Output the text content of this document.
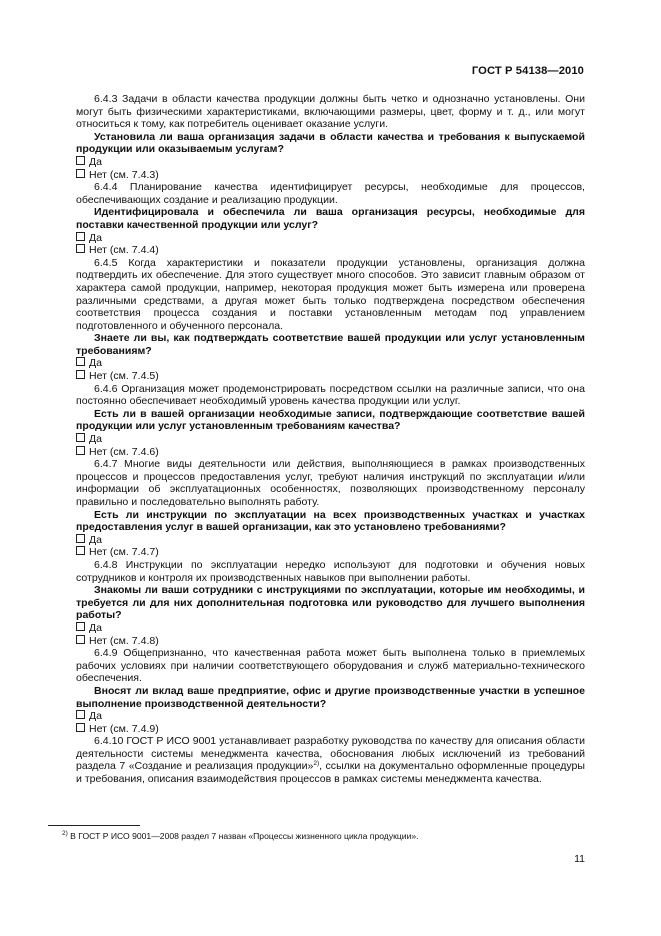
ГОСТ Р 54138—2010
6.4.3 Задачи в области качества продукции должны быть четко и однозначно установлены. Они могут быть физическими характеристиками, включающими размеры, цвет, форму и т. д., или могут относиться к тому, как потребитель оценивает оказание услуги.
Установила ли ваша организация задачи в области качества и требования к выпускаемой продукции или оказываемым услугам?
Да
Нет (см. 7.4.3)
6.4.4 Планирование качества идентифицирует ресурсы, необходимые для процессов, обеспечивающих создание и реализацию продукции.
Идентифицировала и обеспечила ли ваша организация ресурсы, необходимые для поставки качественной продукции или услуг?
Да
Нет (см. 7.4.4)
6.4.5 Когда характеристики и показатели продукции установлены, организация должна подтвердить их обеспечение. Для этого существует много способов. Это зависит главным образом от характера самой продукции, например, некоторая продукция может быть измерена или проверена различными средствами, а другая может быть только подтверждена посредством обеспечения соответствия процесса создания и поставки установленным методам под управлением подготовленного и обученного персонала.
Знаете ли вы, как подтверждать соответствие вашей продукции или услуг установленным требованиям?
Да
Нет (см. 7.4.5)
6.4.6 Организация может продемонстрировать посредством ссылки на различные записи, что она постоянно обеспечивает необходимый уровень качества продукции или услуг.
Есть ли в вашей организации необходимые записи, подтверждающие соответствие вашей продукции или услуг установленным требованиям качества?
Да
Нет (см. 7.4.6)
6.4.7 Многие виды деятельности или действия, выполняющиеся в рамках производственных процессов и процессов предоставления услуг, требуют наличия инструкций по эксплуатации и/или информации об эксплуатационных особенностях, позволяющих производственному персоналу правильно и последовательно выполнять работу.
Есть ли инструкции по эксплуатации на всех производственных участках и участках предоставления услуг в вашей организации, как это установлено требованиями?
Да
Нет (см. 7.4.7)
6.4.8 Инструкции по эксплуатации нередко используют для подготовки и обучения новых сотрудников и контроля их производственных навыков при выполнении работы.
Знакомы ли ваши сотрудники с инструкциями по эксплуатации, которые им необходимы, и требуется ли для них дополнительная подготовка или руководство для лучшего выполнения работы?
Да
Нет (см. 7.4.8)
6.4.9 Общепризнанно, что качественная работа может быть выполнена только в приемлемых рабочих условиях при наличии соответствующего оборудования и служб материально-технического обеспечения.
Вносят ли вклад ваше предприятие, офис и другие производственные участки в успешное выполнение производственной деятельности?
Да
Нет (см. 7.4.9)
6.4.10 ГОСТ Р ИСО 9001 устанавливает разработку руководства по качеству для описания области деятельности системы менеджмента качества, обоснования любых исключений из требований раздела 7 «Создание и реализация продукции»$^{2)}$, ссылки на документально оформленные процедуры и требования, описания взаимодействия процессов в рамках системы менеджмента качества.
$^{2)}$ В ГОСТ Р ИСО 9001—2008 раздел 7 назван «Процессы жизненного цикла продукции».
11
